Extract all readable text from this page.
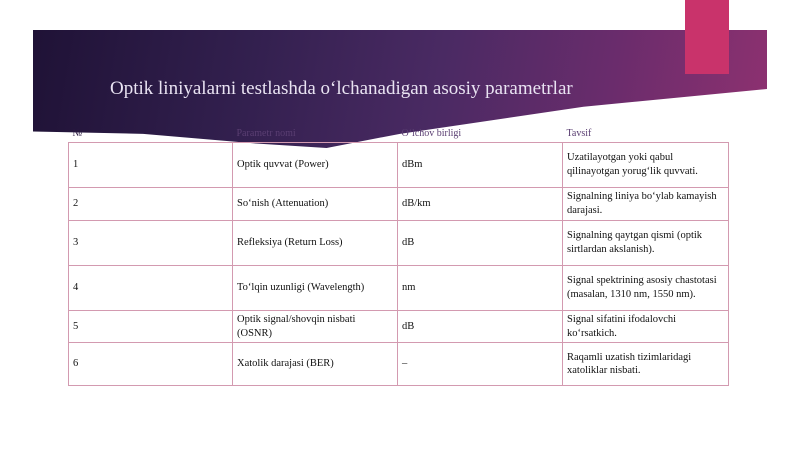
Optik liniyalarni testlashda o‘lchanadigan asosiy parametrlar
№	Parametr nomi	O‘lchov birligi	Tavsif
1	Optik quvvat (Power)	dBm	Uzatilayotgan yoki qabul qilinayotgan yorug‘lik quvvati.
2	So‘nish (Attenuation)	dB/km	Signalning liniya bo‘ylab kamayish darajasi.
3	Refleksiya (Return Loss)	dB	Signalning qaytgan qismi (optik sirtlardan akslanish).
4	To‘lqin uzunligi (Wavelength)	nm	Signal spektrining asosiy chastotasi (masalan, 1310 nm, 1550 nm).
5	Optik signal/shovqin nisbati (OSNR)	dB	Signal sifatini ifodalovchi ko‘rsatkich.
6	Xatolik darajasi (BER)	–	Raqamli uzatish tizimlaridagi xatoliklar nisbati.
